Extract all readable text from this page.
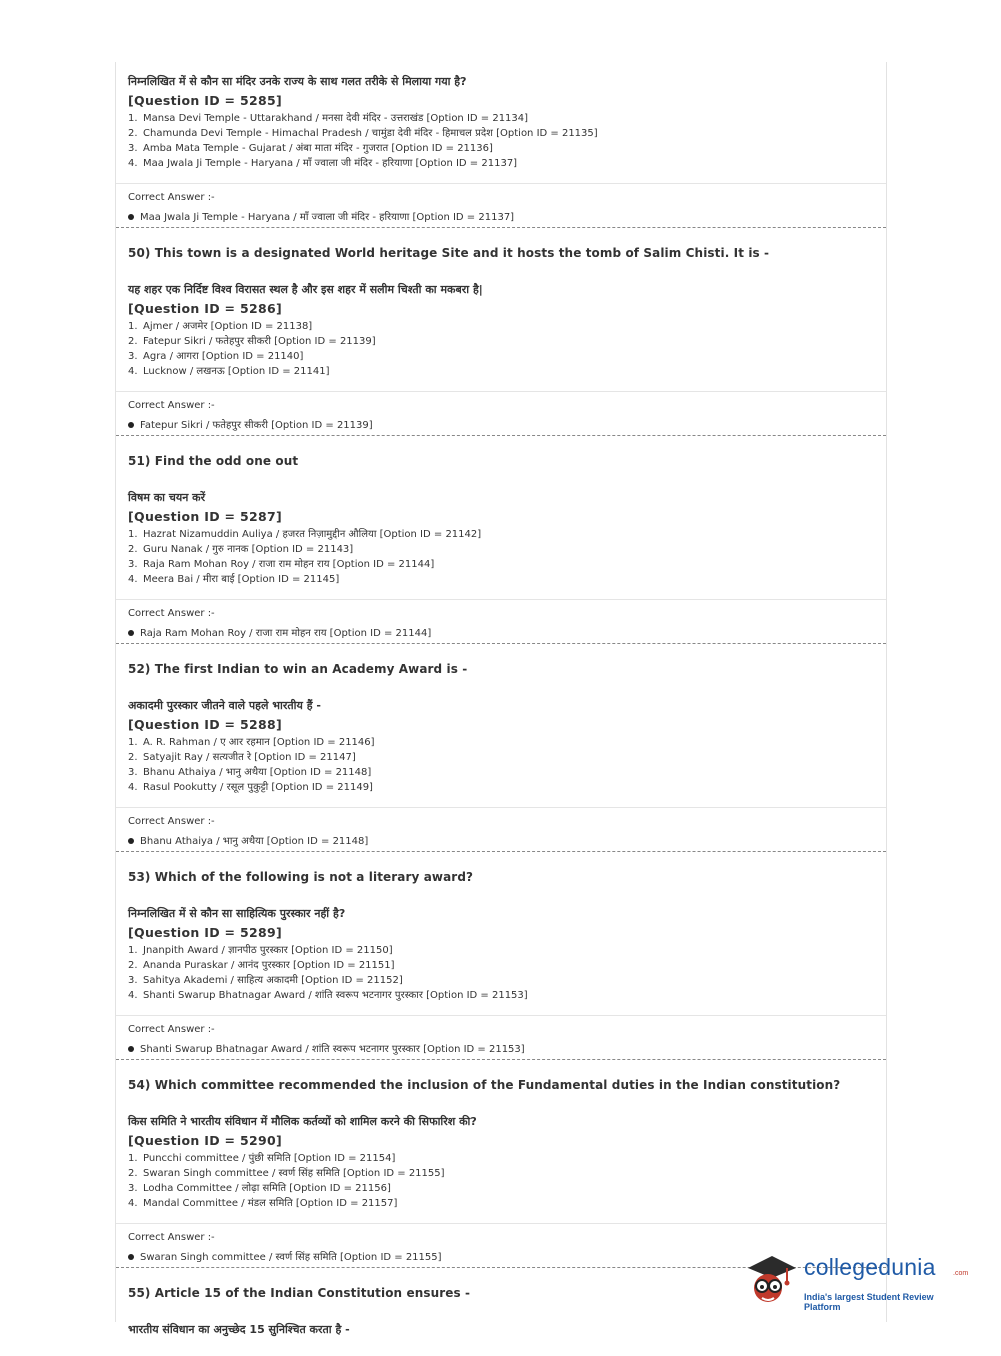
निम्नलिखित में से कौन सा मंदिर उनके राज्य के साथ गलत तरीके से मिलाया गया है?
[Question ID = 5285]
1. Mansa Devi Temple - Uttarakhand / मनसा देवी मंदिर - उत्तराखंड [Option ID = 21134]
2. Chamunda Devi Temple - Himachal Pradesh / चामुंडा देवी मंदिर - हिमाचल प्रदेश [Option ID = 21135]
3. Amba Mata Temple - Gujarat / अंबा माता मंदिर - गुजरात [Option ID = 21136]
4. Maa Jwala Ji Temple - Haryana / माँ ज्वाला जी मंदिर - हरियाणा [Option ID = 21137]
Correct Answer :-
Maa Jwala Ji Temple - Haryana / माँ ज्वाला जी मंदिर - हरियाणा [Option ID = 21137]
50) This town is a designated World heritage Site and it hosts the tomb of Salim Chisti. It is -
यह शहर एक निर्दिष्ट विश्व विरासत स्थल है और इस शहर में सलीम चिश्ती का मकबरा है|
[Question ID = 5286]
1. Ajmer / अजमेर [Option ID = 21138]
2. Fatepur Sikri / फतेहपुर सीकरी [Option ID = 21139]
3. Agra / आगरा [Option ID = 21140]
4. Lucknow / लखनऊ [Option ID = 21141]
Correct Answer :-
Fatepur Sikri / फतेहपुर सीकरी [Option ID = 21139]
51) Find the odd one out
विषम का चयन करें
[Question ID = 5287]
1. Hazrat Nizamuddin Auliya / हजरत निज़ामुद्दीन औलिया [Option ID = 21142]
2. Guru Nanak / गुरु नानक [Option ID = 21143]
3. Raja Ram Mohan Roy / राजा राम मोहन राय [Option ID = 21144]
4. Meera Bai / मीरा बाई [Option ID = 21145]
Correct Answer :-
Raja Ram Mohan Roy / राजा राम मोहन राय [Option ID = 21144]
52) The first Indian to win an Academy Award is -
अकादमी पुरस्कार जीतने वाले पहले भारतीय हैं -
[Question ID = 5288]
1. A. R. Rahman / ए आर रहमान [Option ID = 21146]
2. Satyajit Ray / सत्यजीत रे [Option ID = 21147]
3. Bhanu Athaiya / भानु अथैया [Option ID = 21148]
4. Rasul Pookutty / रसूल पुकुट्टी [Option ID = 21149]
Correct Answer :-
Bhanu Athaiya / भानु अथैया [Option ID = 21148]
53) Which of the following is not a literary award?
निम्नलिखित में से कौन सा साहित्यिक पुरस्कार नहीं है?
[Question ID = 5289]
1. Jnanpith Award / ज्ञानपीठ पुरस्कार [Option ID = 21150]
2. Ananda Puraskar / आनंद पुरस्कार [Option ID = 21151]
3. Sahitya Akademi / साहित्य अकादमी [Option ID = 21152]
4. Shanti Swarup Bhatnagar Award / शांति स्वरूप भटनागर पुरस्कार [Option ID = 21153]
Correct Answer :-
Shanti Swarup Bhatnagar Award / शांति स्वरूप भटनागर पुरस्कार [Option ID = 21153]
54) Which committee recommended the inclusion of the Fundamental duties in the Indian constitution?
किस समिति ने भारतीय संविधान में मौलिक कर्तव्यों को शामिल करने की सिफारिश की?
[Question ID = 5290]
1. Puncchi committee / पुंछी समिति [Option ID = 21154]
2. Swaran Singh committee / स्वर्ण सिंह समिति [Option ID = 21155]
3. Lodha Committee / लोढ़ा समिति [Option ID = 21156]
4. Mandal Committee / मंडल समिति [Option ID = 21157]
Correct Answer :-
Swaran Singh committee / स्वर्ण सिंह समिति [Option ID = 21155]
55) Article 15 of the Indian Constitution ensures -
भारतीय संविधान का अनुच्छेद 15 सुनिश्चित करता है -
collegedunia .com
India's largest Student Review Platform
